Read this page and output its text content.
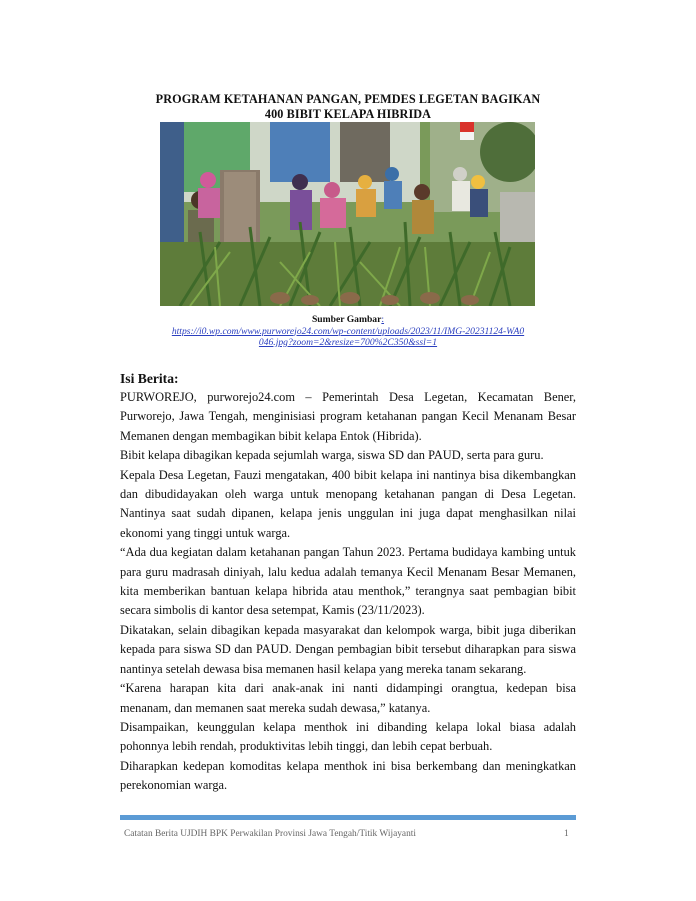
PROGRAM KETAHANAN PANGAN, PEMDES LEGETAN BAGIKAN
400 BIBIT KELAPA HIBRIDA
Sumber Gambar:
https://i0.wp.com/www.purworejo24.com/wp-content/uploads/2023/11/IMG-20231124-WA0
046.jpg?zoom=2&resize=700%2C350&ssl=1
Isi Berita:

PURWOREJO, purworejo24.com – Pemerintah Desa Legetan, Kecamatan Bener, Purworejo, Jawa Tengah, menginisiasi program ketahanan pangan Kecil Menanam Besar Memanen dengan membagikan bibit kelapa Entok (Hibrida).

Bibit kelapa dibagikan kepada sejumlah warga, siswa SD dan PAUD, serta para guru.

Kepala Desa Legetan, Fauzi mengatakan, 400 bibit kelapa ini nantinya bisa dikembangkan dan dibudidayakan oleh warga untuk menopang ketahanan pangan di Desa Legetan. Nantinya saat sudah dipanen, kelapa jenis unggulan ini juga dapat menghasilkan nilai ekonomi yang tinggi untuk warga.

“Ada dua kegiatan dalam ketahanan pangan Tahun 2023. Pertama budidaya kambing untuk para guru madrasah diniyah, lalu kedua adalah temanya Kecil Menanam Besar Memanen, kita memberikan bantuan kelapa hibrida atau menthok,” terangnya saat pembagian bibit secara simbolis di kantor desa setempat, Kamis (23/11/2023).

Dikatakan, selain dibagikan kepada masyarakat dan kelompok warga, bibit juga diberikan kepada para siswa SD dan PAUD. Dengan pembagian bibit tersebut diharapkan para siswa nantinya setelah dewasa bisa memanen hasil kelapa yang mereka tanam sekarang.

“Karena harapan kita dari anak-anak ini nanti didampingi orangtua, kedepan bisa menanam, dan memanen saat mereka sudah dewasa,” katanya.

Disampaikan, keunggulan kelapa menthok ini dibanding kelapa lokal biasa adalah pohonnya lebih rendah, produktivitas lebih tinggi, dan lebih cepat berbuah.

Diharapkan kedepan komoditas kelapa menthok ini bisa berkembang dan meningkatkan perekonomian warga.

Catatan Berita UJDIH BPK Perwakilan Provinsi Jawa Tengah/Titik Wijayanti	1
